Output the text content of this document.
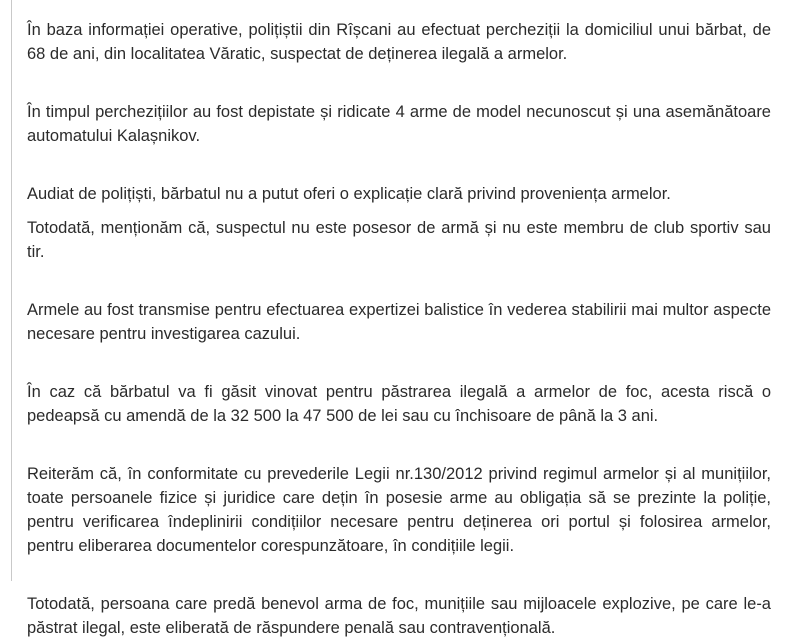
În baza informației operative, polițiștii din Rîșcani au efectuat percheziții la domiciliul unui bărbat, de 68 de ani, din localitatea Văratic, suspectat de deținerea ilegală a armelor.

În timpul perchezițiilor au fost depistate și ridicate 4 arme de model necunoscut și una asemănătoare automatului Kalașnikov.

Audiat de polițiști, bărbatul nu a putut oferi o explicație clară privind proveniența armelor.

Totodată, menționăm că, suspectul nu este posesor de armă și nu este membru de club sportiv sau tir.

Armele au fost transmise pentru efectuarea expertizei balistice în vederea stabilirii mai multor aspecte necesare pentru investigarea cazului.

În caz că bărbatul va fi găsit vinovat pentru păstrarea ilegală a armelor de foc, acesta riscă o pedeapsă cu amendă de la 32 500 la 47 500 de lei sau cu închisoare de până la 3 ani.

Reiterăm că, în conformitate cu prevederile Legii nr.130/2012 privind regimul armelor și al munițiilor, toate persoanele fizice și juridice care dețin în posesie arme au obligația să se prezinte la poliție, pentru verificarea îndeplinirii condițiilor necesare pentru deținerea ori portul și folosirea armelor, pentru eliberarea documentelor corespunzătoare, în condițiile legii.

Totodată, persoana care predă benevol arma de foc, munițiile sau mijloacele explozive, pe care le-a păstrat ilegal, este eliberată de răspundere penală sau contravențională.
